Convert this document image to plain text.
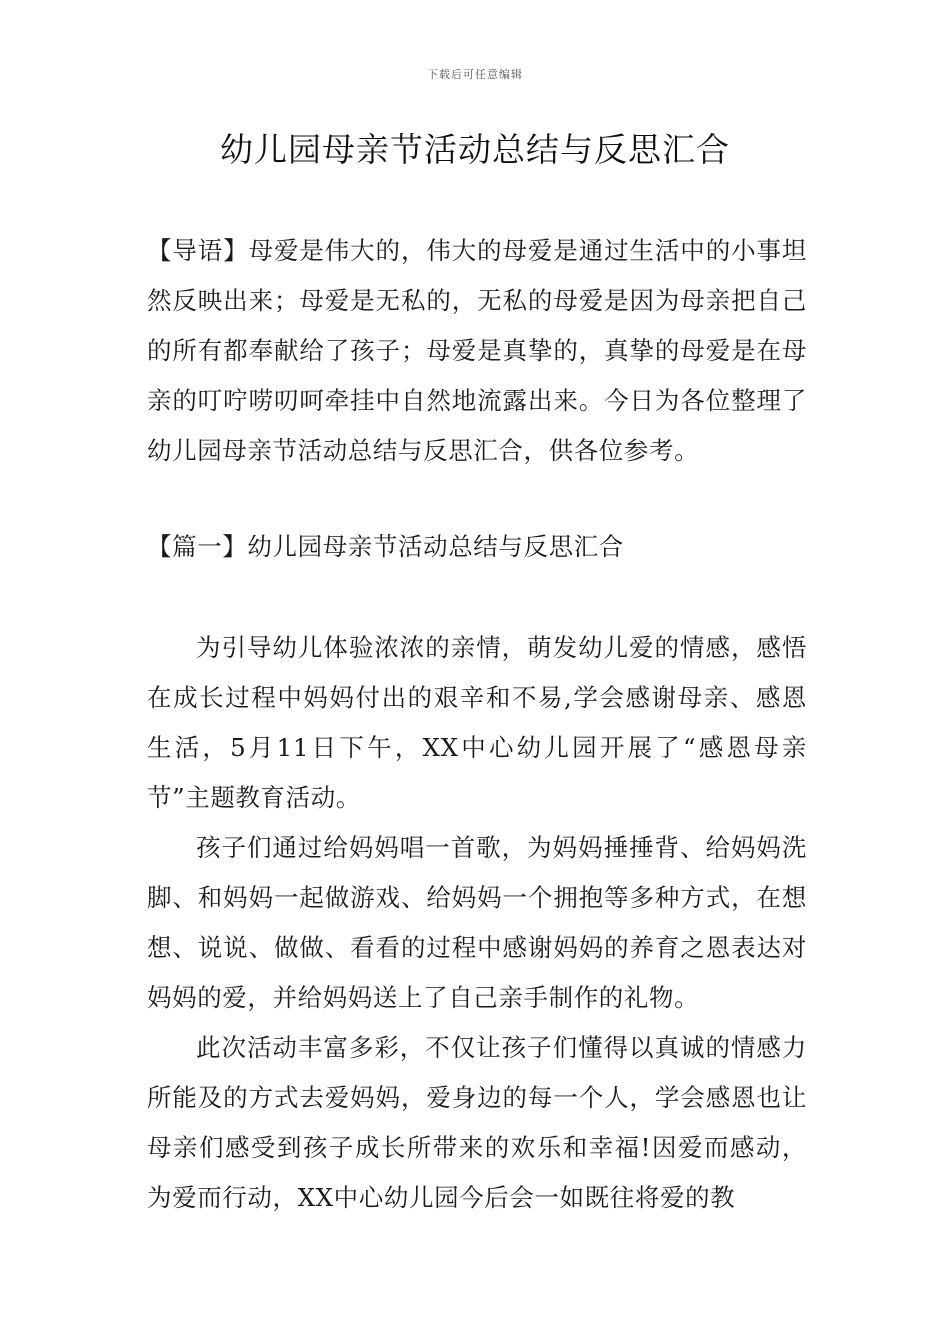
下载后可任意编辑
幼儿园母亲节活动总结与反思汇合

【导语】母爱是伟大的，伟大的母爱是通过生活中的小事坦然反映出来；母爱是无私的，无私的母爱是因为母亲把自己的所有都奉献给了孩子；母爱是真挚的，真挚的母爱是在母亲的叮咛唠叨呵牵挂中自然地流露出来。今日为各位整理了幼儿园母亲节活动总结与反思汇合，供各位参考。

【篇一】幼儿园母亲节活动总结与反思汇合

为引导幼儿体验浓浓的亲情，萌发幼儿爱的情感，感悟在成长过程中妈妈付出的艰辛和不易,学会感谢母亲、感恩生活，5月11日下午，XX中心幼儿园开展了“感恩母亲节”主题教育活动。

孩子们通过给妈妈唱一首歌，为妈妈捶捶背、给妈妈洗脚、和妈妈一起做游戏、给妈妈一个拥抱等多种方式，在想想、说说、做做、看看的过程中感谢妈妈的养育之恩表达对妈妈的爱，并给妈妈送上了自己亲手制作的礼物。

此次活动丰富多彩，不仅让孩子们懂得以真诚的情感力所能及的方式去爱妈妈，爱身边的每一个人，学会感恩也让母亲们感受到孩子成长所带来的欢乐和幸福!因爱而感动，为爱而行动，XX中心幼儿园今后会一如既往将爱的教
